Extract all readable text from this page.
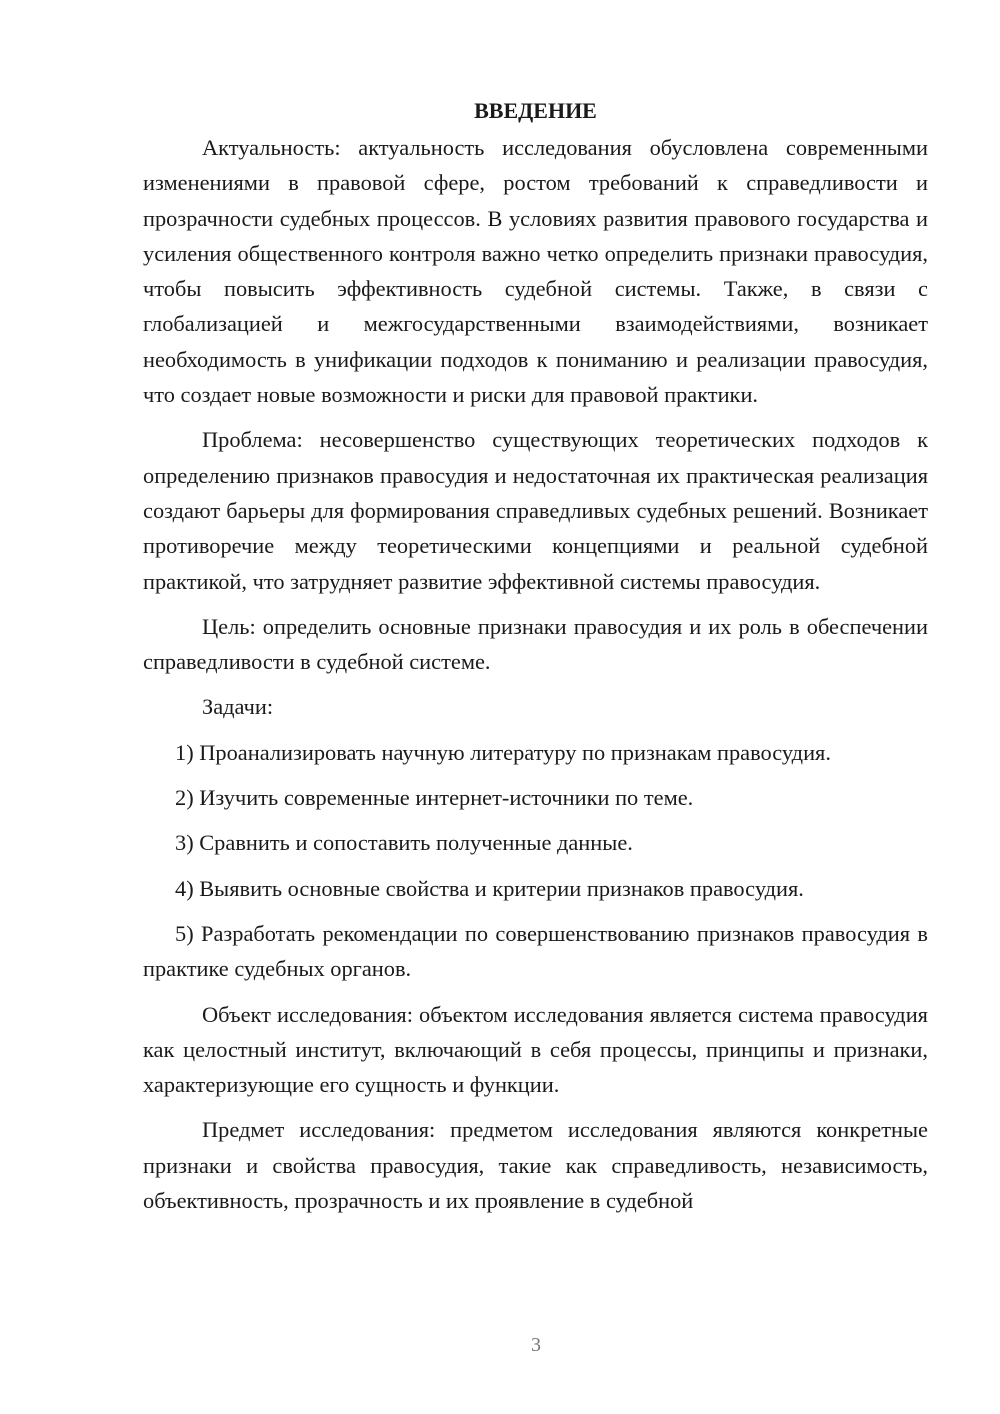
ВВЕДЕНИЕ

Актуальность: актуальность исследования обусловлена современными изменениями в правовой сфере, ростом требований к справедливости и прозрачности судебных процессов. В условиях развития правового государства и усиления общественного контроля важно четко определить признаки правосудия, чтобы повысить эффективность судебной системы. Также, в связи с глобализацией и межгосударственными взаимодействиями, возникает необходимость в унификации подходов к пониманию и реализации правосудия, что создает новые возможности и риски для правовой практики.

Проблема: несовершенство существующих теоретических подходов к определению признаков правосудия и недостаточная их практическая реализация создают барьеры для формирования справедливых судебных решений. Возникает противоречие между теоретическими концепциями и реальной судебной практикой, что затрудняет развитие эффективной системы правосудия.

Цель: определить основные признаки правосудия и их роль в обеспечении справедливости в судебной системе.

Задачи:

1) Проанализировать научную литературу по признакам правосудия.

2) Изучить современные интернет-источники по теме.

3) Сравнить и сопоставить полученные данные.

4) Выявить основные свойства и критерии признаков правосудия.

5) Разработать рекомендации по совершенствованию признаков правосудия в практике судебных органов.

Объект исследования: объектом исследования является система правосудия как целостный институт, включающий в себя процессы, принципы и признаки, характеризующие его сущность и функции.

Предмет исследования: предметом исследования являются конкретные признаки и свойства правосудия, такие как справедливость, независимость, объективность, прозрачность и их проявление в судебной

3
